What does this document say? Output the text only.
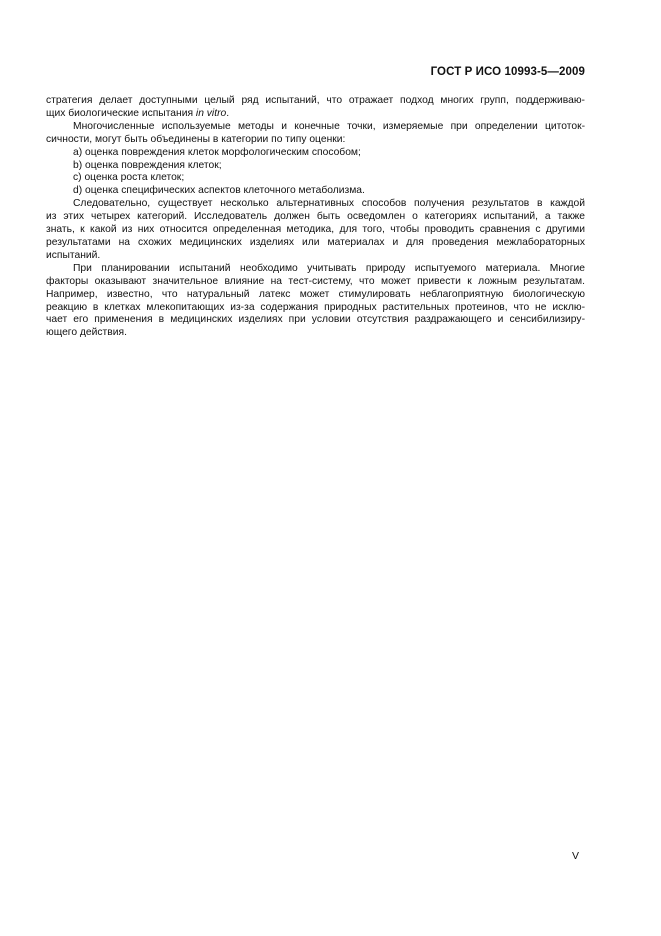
ГОСТ Р ИСО 10993-5—2009

стратегия делает доступными целый ряд испытаний, что отражает подход многих групп, поддерживаю-
щих биологические испытания in vitro.

Многочисленные используемые методы и конечные точки, измеряемые при определении цитоток-
сичности, могут быть объединены в категории по типу оценки:

a) оценка повреждения клеток морфологическим способом;
b) оценка повреждения клеток;
c) оценка роста клеток;
d) оценка специфических аспектов клеточного метаболизма.

Следовательно, существует несколько альтернативных способов получения результатов в каждой
из этих четырех категорий. Исследователь должен быть осведомлен о категориях испытаний, а также
знать, к какой из них относится определенная методика, для того, чтобы проводить сравнения с другими
результатами на схожих медицинских изделиях или материалах и для проведения межлабораторных
испытаний.

При планировании испытаний необходимо учитывать природу испытуемого материала. Многие
факторы оказывают значительное влияние на тест-систему, что может привести к ложным результатам.
Например, известно, что натуральный латекс может стимулировать неблагоприятную биологическую
реакцию в клетках млекопитающих из-за содержания природных растительных протеинов, что не исклю-
чает его применения в медицинских изделиях при условии отсутствия раздражающего и сенсибилизиру-
ющего действия.

V
